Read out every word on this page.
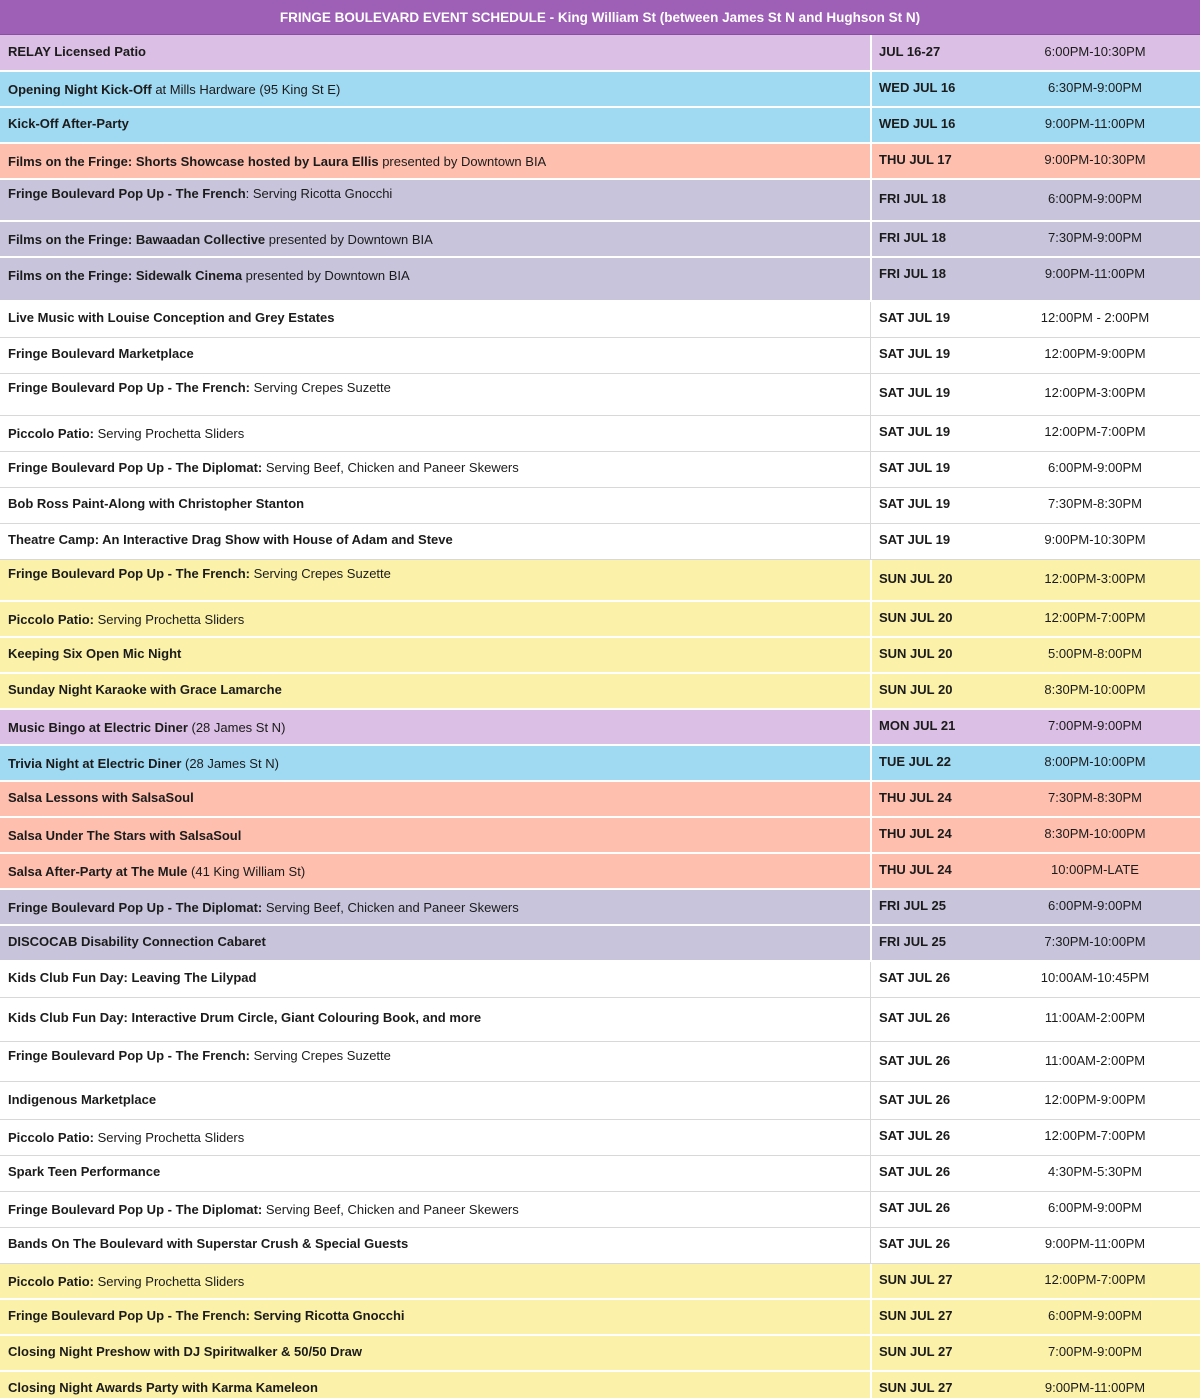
FRINGE BOULEVARD EVENT SCHEDULE - King William St (between James St N and Hughson St N)
RELAY Licensed Patio	JUL 16-27	6:00PM-10:30PM
Opening Night Kick-Off at Mills Hardware (95 King St E)	WED JUL 16	6:30PM-9:00PM
Kick-Off After-Party	WED JUL 16	9:00PM-11:00PM
Films on the Fringe: Shorts Showcase hosted by Laura Ellis presented by Downtown BIA	THU JUL 17	9:00PM-10:30PM
Fringe Boulevard Pop Up - The French: Serving Ricotta Gnocchi	FRI JUL 18	6:00PM-9:00PM
Films on the Fringe: Bawaadan Collective presented by Downtown BIA	FRI JUL 18	7:30PM-9:00PM
Films on the Fringe: Sidewalk Cinema presented by Downtown BIA	FRI JUL 18	9:00PM-11:00PM
Live Music with Louise Conception and Grey Estates	SAT JUL 19	12:00PM - 2:00PM
Fringe Boulevard Marketplace	SAT JUL 19	12:00PM-9:00PM
Fringe Boulevard Pop Up - The French: Serving Crepes Suzette	SAT JUL 19	12:00PM-3:00PM
Piccolo Patio: Serving Prochetta Sliders	SAT JUL 19	12:00PM-7:00PM
Fringe Boulevard Pop Up - The Diplomat: Serving Beef, Chicken and Paneer Skewers	SAT JUL 19	6:00PM-9:00PM
Bob Ross Paint-Along with Christopher Stanton	SAT JUL 19	7:30PM-8:30PM
Theatre Camp: An Interactive Drag Show with House of Adam and Steve	SAT JUL 19	9:00PM-10:30PM
Fringe Boulevard Pop Up - The French: Serving Crepes Suzette	SUN JUL 20	12:00PM-3:00PM
Piccolo Patio: Serving Prochetta Sliders	SUN JUL 20	12:00PM-7:00PM
Keeping Six Open Mic Night	SUN JUL 20	5:00PM-8:00PM
Sunday Night Karaoke with Grace Lamarche	SUN JUL 20	8:30PM-10:00PM
Music Bingo at Electric Diner (28 James St N)	MON JUL 21	7:00PM-9:00PM
Trivia Night at Electric Diner (28 James St N)	TUE JUL 22	8:00PM-10:00PM
Salsa Lessons with SalsaSoul	THU JUL 24	7:30PM-8:30PM
Salsa Under The Stars with SalsaSoul	THU JUL 24	8:30PM-10:00PM
Salsa After-Party at The Mule (41 King William St)	THU JUL 24	10:00PM-LATE
Fringe Boulevard Pop Up - The Diplomat: Serving Beef, Chicken and Paneer Skewers	FRI JUL 25	6:00PM-9:00PM
DISCOCAB Disability Connection Cabaret	FRI JUL 25	7:30PM-10:00PM
Kids Club Fun Day: Leaving The Lilypad	SAT JUL 26	10:00AM-10:45PM
Kids Club Fun Day: Interactive Drum Circle, Giant Colouring Book, and more	SAT JUL 26	11:00AM-2:00PM
Fringe Boulevard Pop Up - The French: Serving Crepes Suzette	SAT JUL 26	11:00AM-2:00PM
Indigenous Marketplace	SAT JUL 26	12:00PM-9:00PM
Piccolo Patio: Serving Prochetta Sliders	SAT JUL 26	12:00PM-7:00PM
Spark Teen Performance	SAT JUL 26	4:30PM-5:30PM
Fringe Boulevard Pop Up - The Diplomat: Serving Beef, Chicken and Paneer Skewers	SAT JUL 26	6:00PM-9:00PM
Bands On The Boulevard with Superstar Crush & Special Guests	SAT JUL 26	9:00PM-11:00PM
Piccolo Patio: Serving Prochetta Sliders	SUN JUL 27	12:00PM-7:00PM
Fringe Boulevard Pop Up - The French: Serving Ricotta Gnocchi	SUN JUL 27	6:00PM-9:00PM
Closing Night Preshow with DJ Spiritwalker & 50/50 Draw	SUN JUL 27	7:00PM-9:00PM
Closing Night Awards Party with Karma Kameleon	SUN JUL 27	9:00PM-11:00PM
